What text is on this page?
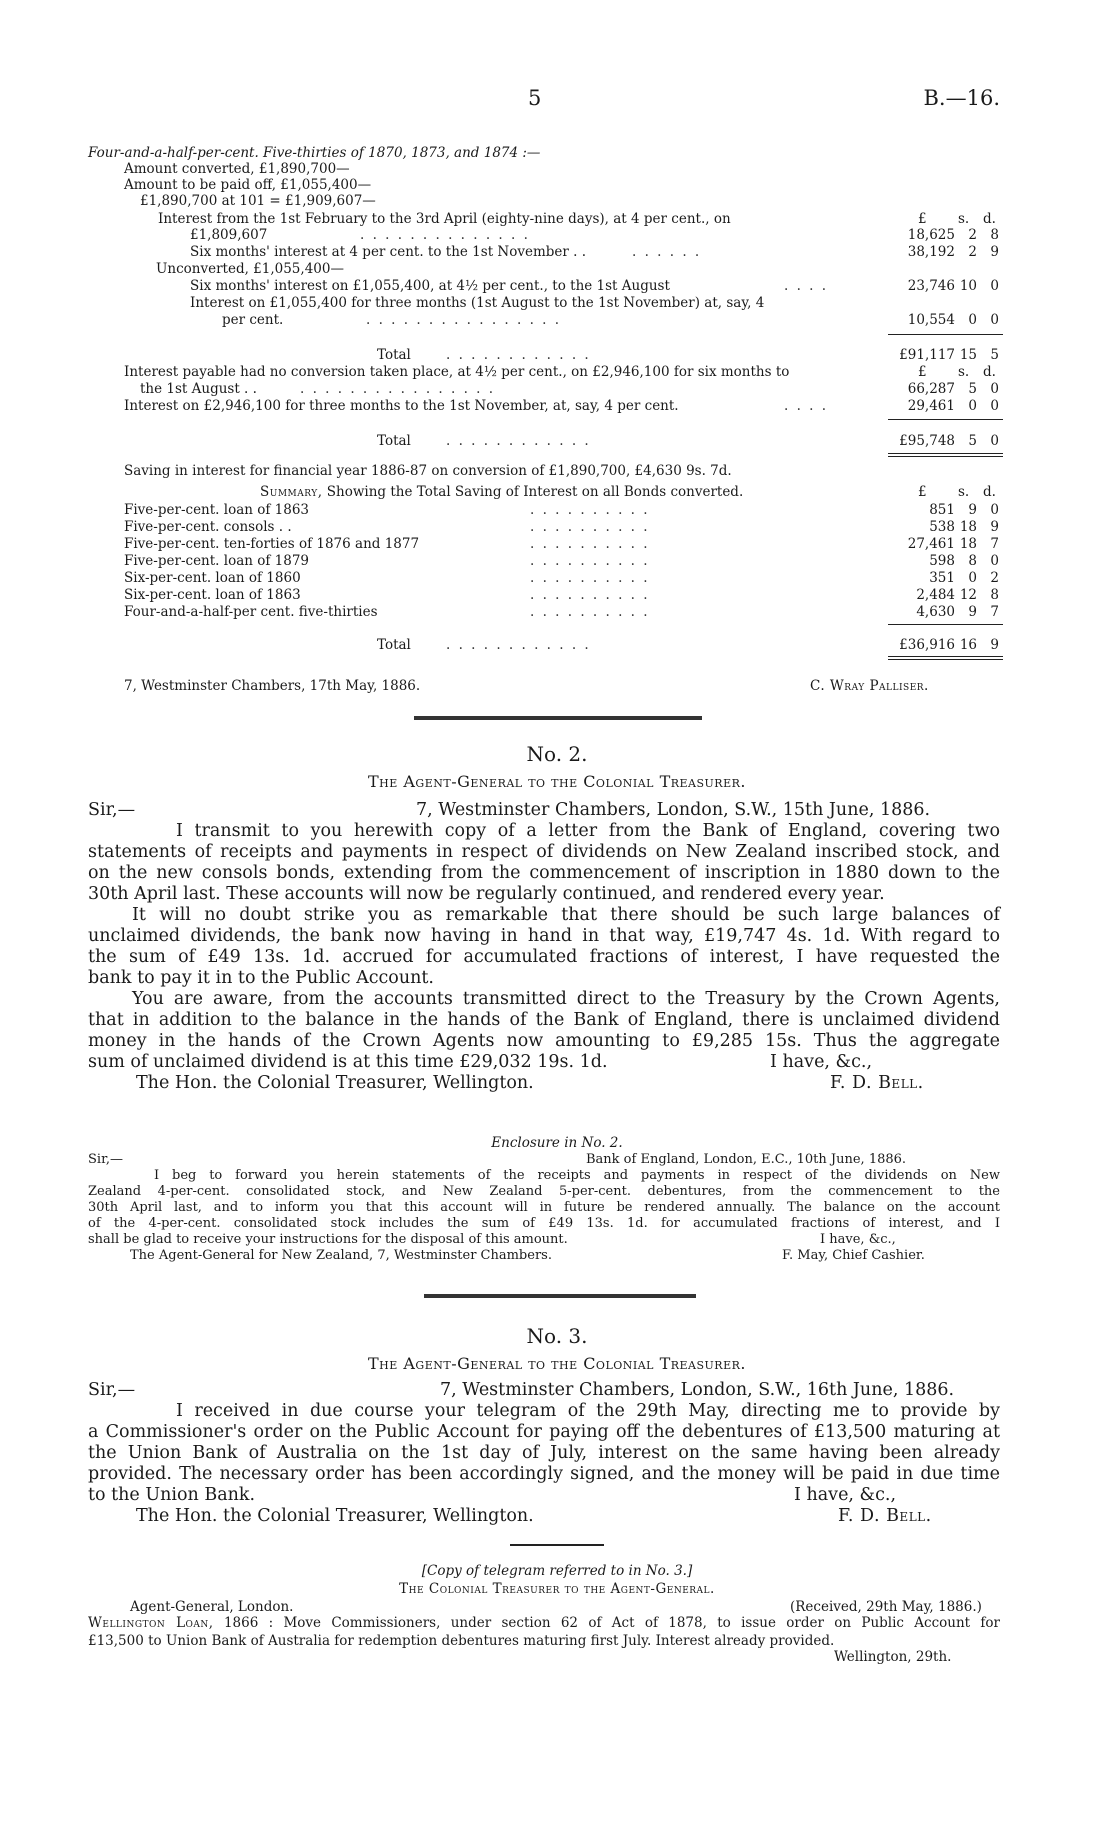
5	B.—16.
Four-and-a-half-per-cent. Five-thirties of 1870, 1873, and 1874 :—
Amount converted, £1,890,700—
Amount to be paid off, £1,055,400—
£1,890,700 at 101 = £1,909,607—
£ s. d.
Interest from the 1st February to the 3rd April (eighty-nine days), at 4 per cent., on
£1,809,607	. . . . . . . . . . . . . .	18,625 2 8
Six months' interest at 4 per cent. to the 1st November . .	. . . . . .	38,192 2 9
Unconverted, £1,055,400—
Six months' interest on £1,055,400, at 4½ per cent., to the 1st August	. . . .	23,746 10 0
Interest on £1,055,400 for three months (1st August to the 1st November) at, say, 4
per cent.	. . . . . . . . . . . . . . . .	10,554 0 0
Total	. . . . . . . . . . . .	£91,117 15 5
Interest payable had no conversion taken place, at 4½ per cent., on £2,946,100 for six months to	£ s. d.
the 1st August . .	. . . . . . . . . . . . . . . .	66,287 5 0
Interest on £2,946,100 for three months to the 1st November, at, say, 4 per cent.	. . . .	29,461 0 0
Total	. . . . . . . . . . . .	£95,748 5 0
Saving in interest for financial year 1886-87 on conversion of £1,890,700, £4,630 9s. 7d.
Summary, Showing the Total Saving of Interest on all Bonds converted.	£ s. d.
Five-per-cent. loan of 1863	. . . . . . . . . .	851 9 0
Five-per-cent. consols . .	. . . . . . . . . .	538 18 9
Five-per-cent. ten-forties of 1876 and 1877	. . . . . . . . . .	27,461 18 7
Five-per-cent. loan of 1879	. . . . . . . . . .	598 8 0
Six-per-cent. loan of 1860	. . . . . . . . . .	351 0 2
Six-per-cent. loan of 1863	. . . . . . . . . .	2,484 12 8
Four-and-a-half-per cent. five-thirties	. . . . . . . . . .	4,630 9 7
Total	. . . . . . . . . . . .	£36,916 16 9
7, Westminster Chambers, 17th May, 1886.	C. Wray Palliser.
No. 2.
The Agent-General to the Colonial Treasurer.
Sir,—	7, Westminster Chambers, London, S.W., 15th June, 1886.
I transmit to you herewith copy of a letter from the Bank of England, covering two
statements of receipts and payments in respect of dividends on New Zealand inscribed stock, and
on the new consols bonds, extending from the commencement of inscription in 1880 down to the
30th April last. These accounts will now be regularly continued, and rendered every year.
It will no doubt strike you as remarkable that there should be such large balances of
unclaimed dividends, the bank now having in hand in that way, £19,747 4s. 1d. With regard to
the sum of £49 13s. 1d. accrued for accumulated fractions of interest, I have requested the
bank to pay it in to the Public Account.
You are aware, from the accounts transmitted direct to the Treasury by the Crown Agents,
that in addition to the balance in the hands of the Bank of England, there is unclaimed dividend
money in the hands of the Crown Agents now amounting to £9,285 15s. Thus the aggregate
sum of unclaimed dividend is at this time £29,032 19s. 1d.	I have, &c.,
The Hon. the Colonial Treasurer, Wellington.	F. D. Bell.
Enclosure in No. 2.
Sir,—	Bank of England, London, E.C., 10th June, 1886.
I beg to forward you herein statements of the receipts and payments in respect of the dividends on New
Zealand 4-per-cent. consolidated stock, and New Zealand 5-per-cent. debentures, from the commencement to the
30th April last, and to inform you that this account will in future be rendered annually. The balance on the account
of the 4-per-cent. consolidated stock includes the sum of £49 13s. 1d. for accumulated fractions of interest, and I
shall be glad to receive your instructions for the disposal of this amount.	I have, &c.,
The Agent-General for New Zealand, 7, Westminster Chambers.	F. May, Chief Cashier.
No. 3.
The Agent-General to the Colonial Treasurer.
Sir,—	7, Westminster Chambers, London, S.W., 16th June, 1886.
I received in due course your telegram of the 29th May, directing me to provide by
a Commissioner's order on the Public Account for paying off the debentures of £13,500 maturing at
the Union Bank of Australia on the 1st day of July, interest on the same having been already
provided. The necessary order has been accordingly signed, and the money will be paid in due time
to the Union Bank.	I have, &c.,
The Hon. the Colonial Treasurer, Wellington.	F. D. Bell.
[Copy of telegram referred to in No. 3.]
The Colonial Treasurer to the Agent-General.
Agent-General, London.	(Received, 29th May, 1886.)
Wellington Loan, 1866 : Move Commissioners, under section 62 of Act of 1878, to issue order on Public Account for
£13,500 to Union Bank of Australia for redemption debentures maturing first July. Interest already provided.
Wellington, 29th.
